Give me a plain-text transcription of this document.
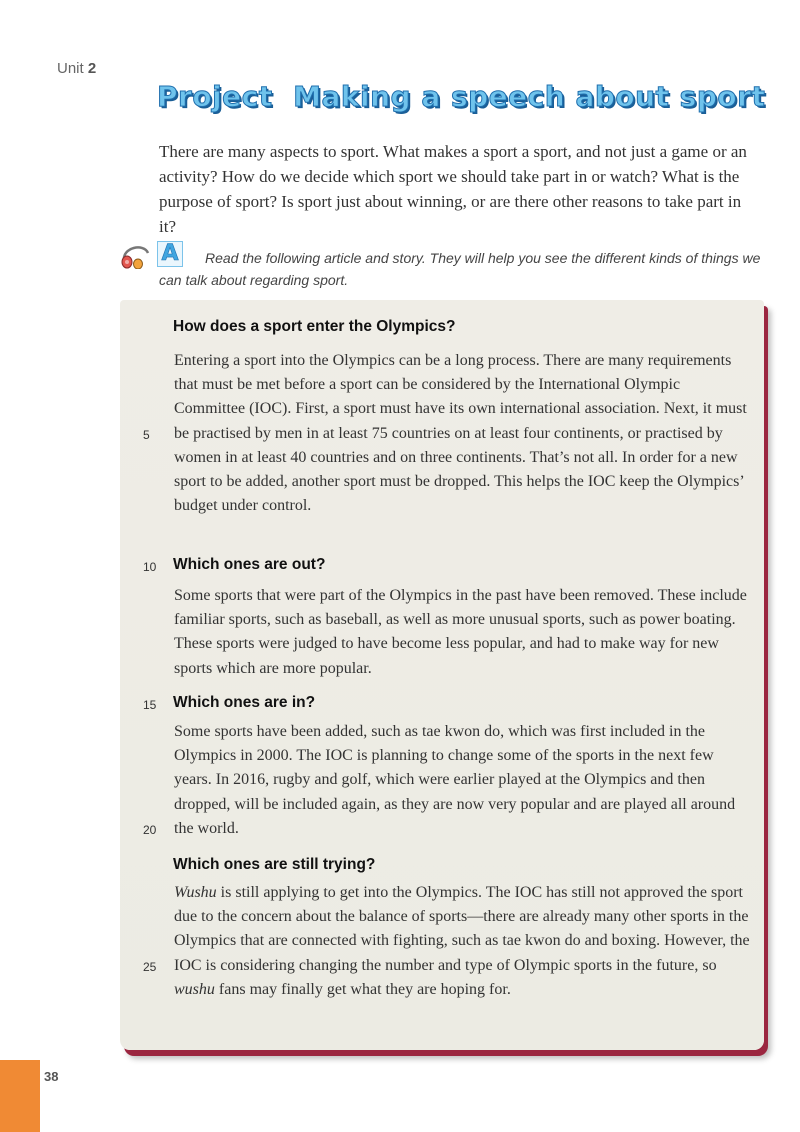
Unit 2
Project  Making a speech about sport

There are many aspects to sport. What makes a sport a sport, and not just a game or an activity? How do we decide which sport we should take part in or watch? What is the purpose of sport? Is sport just about winning, or are there other reasons to take part in it?

A	Read the following article and story. They will help you see the different kinds of things we can talk about regarding sport.

How does a sport enter the Olympics?

Entering a sport into the Olympics can be a long process. There are many requirements that must be met before a sport can be considered by the International Olympic Committee (IOC). First, a sport must have its own international association. Next, it must be practised by men in at least 75 countries on at least four continents, or practised by women in at least 40 countries and on three continents. That’s not all. In order for a new sport to be added, another sport must be dropped. This helps the IOC keep the Olympics’ budget under control.

Which ones are out?

Some sports that were part of the Olympics in the past have been removed. These include familiar sports, such as baseball, as well as more unusual sports, such as power boating. These sports were judged to have become less popular, and had to make way for new sports which are more popular.

Which ones are in?

Some sports have been added, such as tae kwon do, which was first included in the Olympics in 2000. The IOC is planning to change some of the sports in the next few years. In 2016, rugby and golf, which were earlier played at the Olympics and then dropped, will be included again, as they are now very popular and are played all around the world.

Which ones are still trying?

Wushu is still applying to get into the Olympics. The IOC has still not approved the sport due to the concern about the balance of sports—there are already many other sports in the Olympics that are connected with fighting, such as tae kwon do and boxing. However, the IOC is considering changing the number and type of Olympic sports in the future, so wushu fans may finally get what they are hoping for.

5
10
15
20
25
38
